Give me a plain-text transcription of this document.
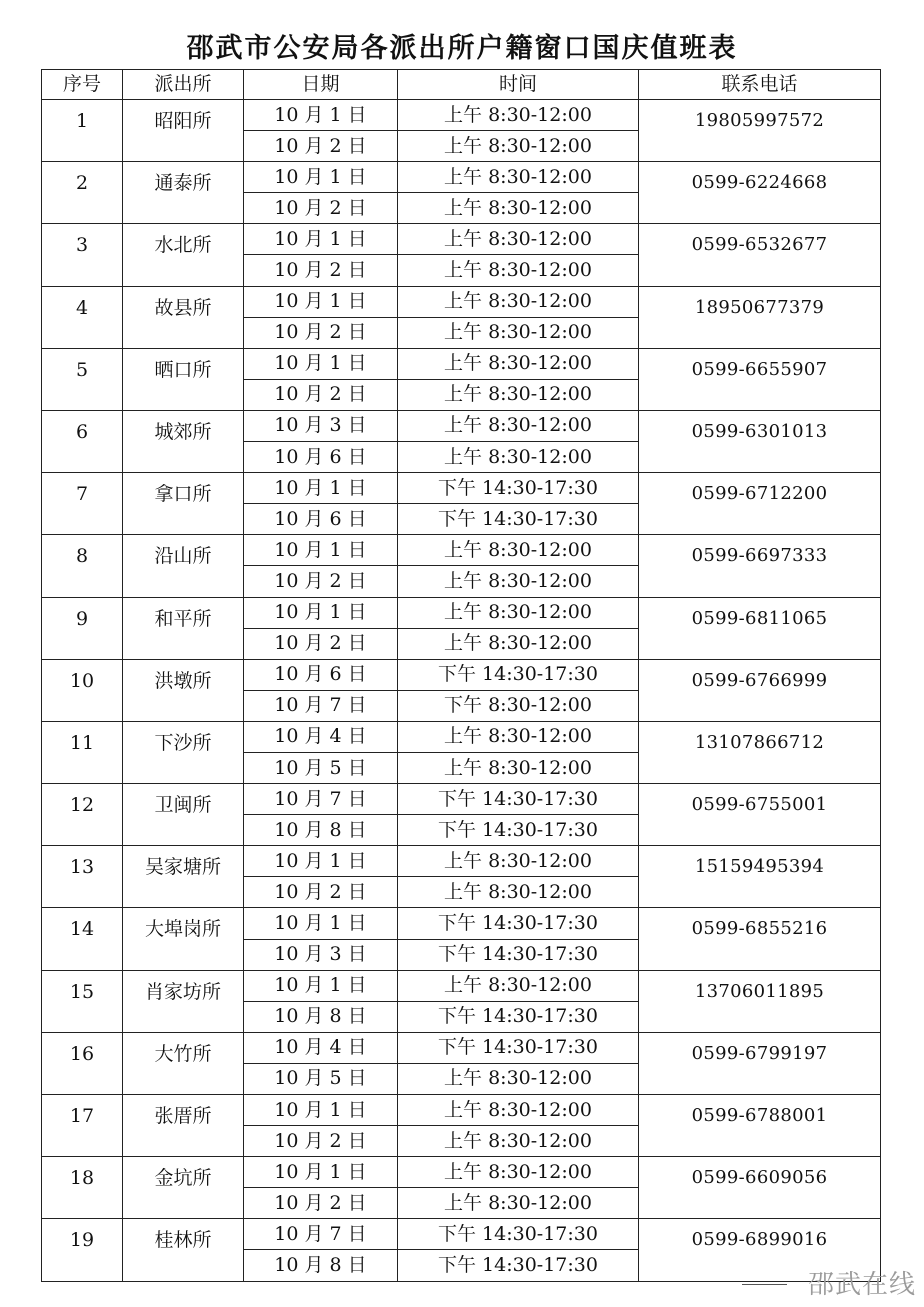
邵武市公安局各派出所户籍窗口国庆值班表
序号	派出所	日期	时间	联系电话
1	昭阳所	10 月 1 日	上午 8:30-12:00	19805997572
		10 月 2 日	上午 8:30-12:00	
2	通泰所	10 月 1 日	上午 8:30-12:00	0599-6224668
		10 月 2 日	上午 8:30-12:00	
3	水北所	10 月 1 日	上午 8:30-12:00	0599-6532677
		10 月 2 日	上午 8:30-12:00	
4	故县所	10 月 1 日	上午 8:30-12:00	18950677379
		10 月 2 日	上午 8:30-12:00	
5	晒口所	10 月 1 日	上午 8:30-12:00	0599-6655907
		10 月 2 日	上午 8:30-12:00	
6	城郊所	10 月 3 日	上午 8:30-12:00	0599-6301013
		10 月 6 日	上午 8:30-12:00	
7	拿口所	10 月 1 日	下午 14:30-17:30	0599-6712200
		10 月 6 日	下午 14:30-17:30	
8	沿山所	10 月 1 日	上午 8:30-12:00	0599-6697333
		10 月 2 日	上午 8:30-12:00	
9	和平所	10 月 1 日	上午 8:30-12:00	0599-6811065
		10 月 2 日	上午 8:30-12:00	
10	洪墩所	10 月 6 日	下午 14:30-17:30	0599-6766999
		10 月 7 日	下午 8:30-12:00	
11	下沙所	10 月 4 日	上午 8:30-12:00	13107866712
		10 月 5 日	上午 8:30-12:00	
12	卫闽所	10 月 7 日	下午 14:30-17:30	0599-6755001
		10 月 8 日	下午 14:30-17:30	
13	吴家塘所	10 月 1 日	上午 8:30-12:00	15159495394
		10 月 2 日	上午 8:30-12:00	
14	大埠岗所	10 月 1 日	下午 14:30-17:30	0599-6855216
		10 月 3 日	下午 14:30-17:30	
15	肖家坊所	10 月 1 日	上午 8:30-12:00	13706011895
		10 月 8 日	下午 14:30-17:30	
16	大竹所	10 月 4 日	下午 14:30-17:30	0599-6799197
		10 月 5 日	上午 8:30-12:00	
17	张厝所	10 月 1 日	上午 8:30-12:00	0599-6788001
		10 月 2 日	上午 8:30-12:00	
18	金坑所	10 月 1 日	上午 8:30-12:00	0599-6609056
		10 月 2 日	上午 8:30-12:00	
19	桂林所	10 月 7 日	下午 14:30-17:30	0599-6899016
		10 月 8 日	下午 14:30-17:30	
邵武在线
